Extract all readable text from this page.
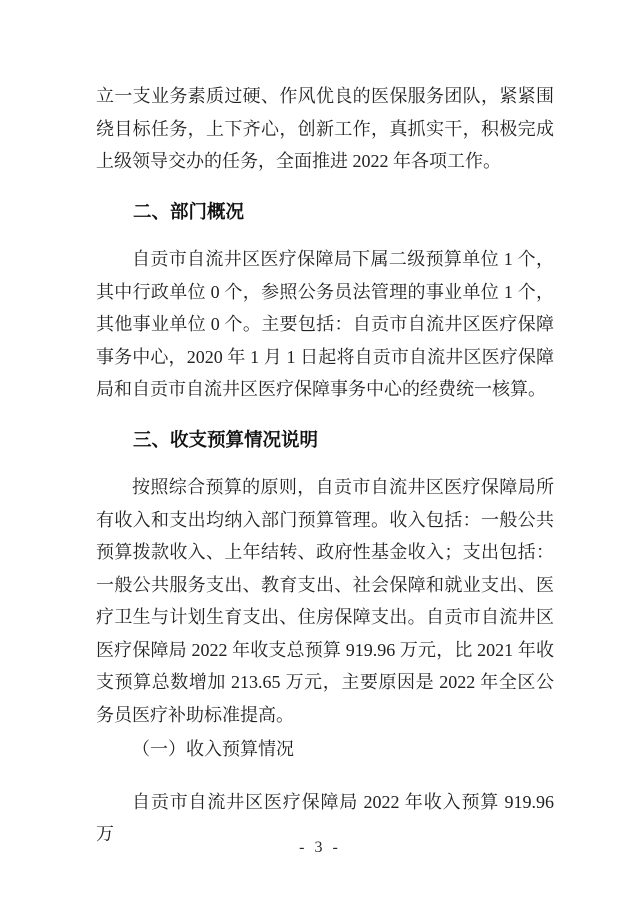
立一支业务素质过硬、作风优良的医保服务团队，紧紧围绕目标任务，上下齐心，创新工作，真抓实干，积极完成上级领导交办的任务，全面推进 2022 年各项工作。

二、部门概况

自贡市自流井区医疗保障局下属二级预算单位 1 个，其中行政单位 0 个，参照公务员法管理的事业单位 1 个，其他事业单位 0 个。主要包括：自贡市自流井区医疗保障事务中心，2020 年 1 月 1 日起将自贡市自流井区医疗保障局和自贡市自流井区医疗保障事务中心的经费统一核算。

三、收支预算情况说明

按照综合预算的原则，自贡市自流井区医疗保障局所有收入和支出均纳入部门预算管理。收入包括：一般公共预算拨款收入、上年结转、政府性基金收入；支出包括：一般公共服务支出、教育支出、社会保障和就业支出、医疗卫生与计划生育支出、住房保障支出。自贡市自流井区医疗保障局 2022 年收支总预算 919.96 万元，比 2021 年收支预算总数增加 213.65 万元，主要原因是 2022 年全区公务员医疗补助标准提高。

（一）收入预算情况

自贡市自流井区医疗保障局 2022 年收入预算 919.96 万

- 3 -
